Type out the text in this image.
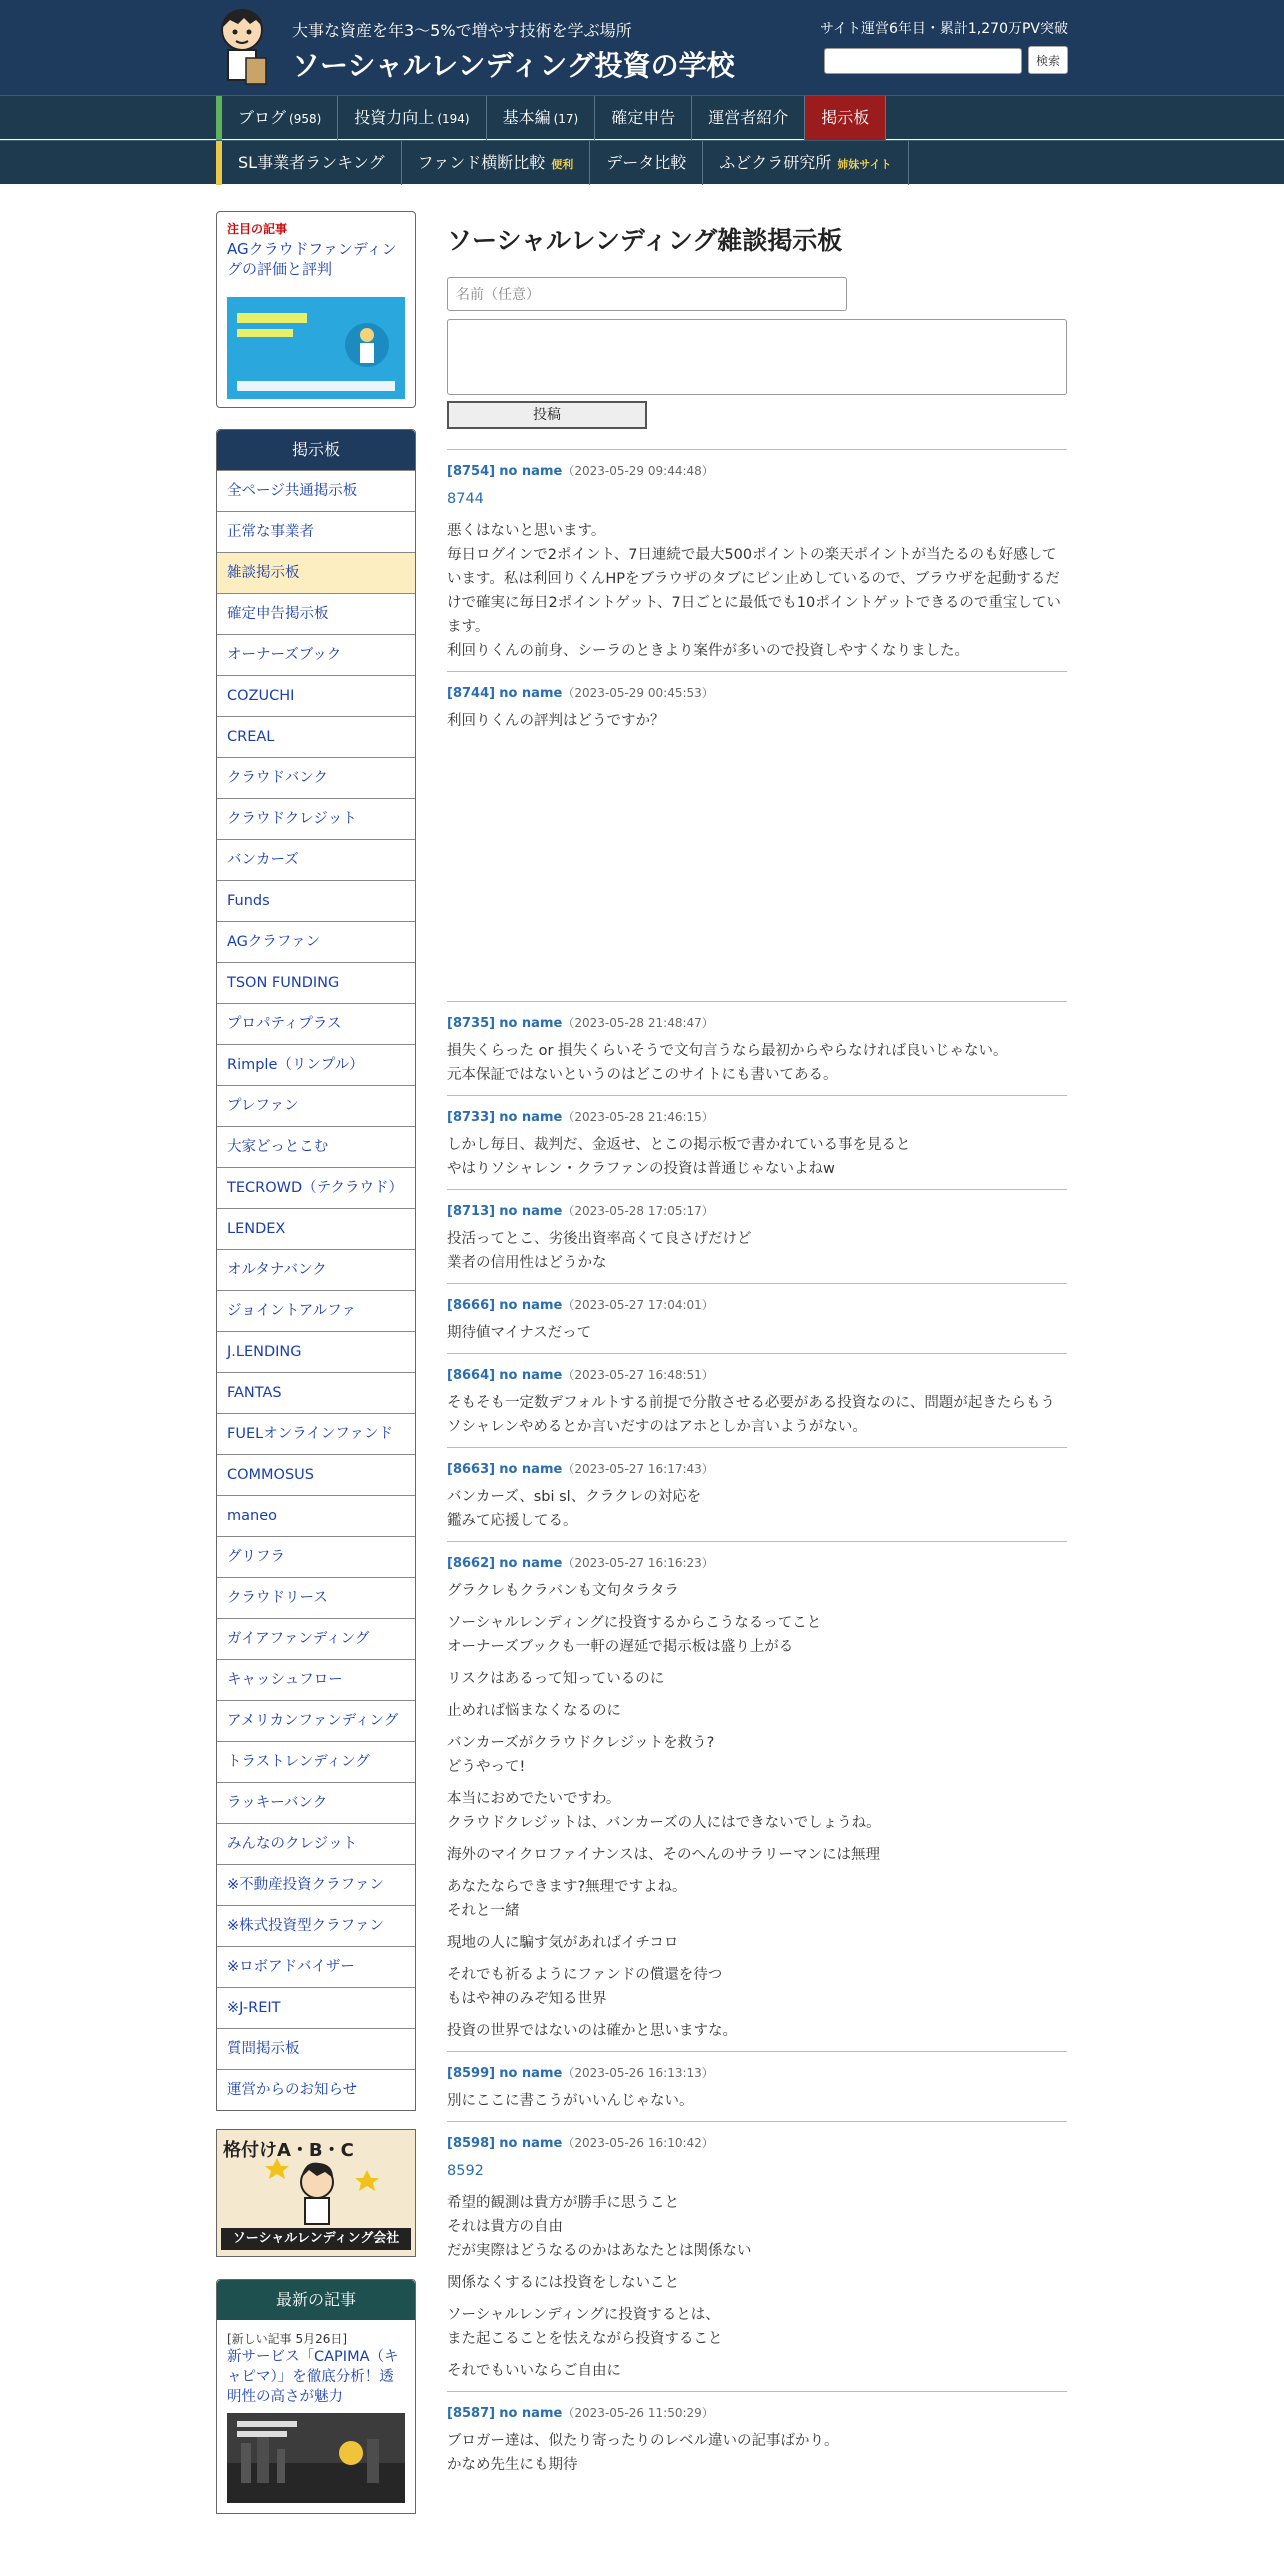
大事な資産を年3～5%で増やす技術を学ぶ場所
ソーシャルレンディング投資の学校
サイト運営6年目・累計1,270万PV突破
検索
ブログ (958)	投資力向上 (194)	基本編 (17)	確定申告	運営者紹介	掲示板
SL事業者ランキング	ファンド横断比較 便利	データ比較	ふどクラ研究所 姉妹サイト
注目の記事
AGクラウドファンディングの評価と評判
掲示板
全ページ共通掲示板
正常な事業者
雑談掲示板
確定申告掲示板
オーナーズブック
COZUCHI
CREAL
クラウドバンク
クラウドクレジット
バンカーズ
Funds
AGクラファン
TSON FUNDING
プロパティプラス
Rimple（リンプル）
プレファン
大家どっとこむ
TECROWD（テクラウド）
LENDEX
オルタナバンク
ジョイントアルファ
J.LENDING
FANTAS
FUELオンラインファンド
COMMOSUS
maneo
グリフラ
クラウドリース
ガイアファンディング
キャッシュフロー
アメリカンファンディング
トラストレンディング
ラッキーバンク
みんなのクレジット
※不動産投資クラファン
※株式投資型クラファン
※ロボアドバイザー
※J-REIT
質問掲示板
運営からのお知らせ
格付けA・B・C
ソーシャルレンディング会社
最新の記事
[新しい記事 5月26日]
新サービス「CAPIMA（キャピマ）」を徹底分析！透明性の高さが魅力
ソーシャルレンディング雑談掲示板
名前（任意）
投稿
[8754] no name（2023-05-29 09:44:48）

8744

悪くはないと思います。
毎日ログインで2ポイント、7日連続で最大500ポイントの楽天ポイントが当たるのも好感しています。私は利回りくんHPをブラウザのタブにピン止めしているので、ブラウザを起動するだけで確実に毎日2ポイントゲット、7日ごとに最低でも10ポイントゲットできるので重宝しています。
利回りくんの前身、シーラのときより案件が多いので投資しやすくなりました。

[8744] no name（2023-05-29 00:45:53）

利回りくんの評判はどうですか？

[8735] no name（2023-05-28 21:48:47）

損失くらった or 損失くらいそうで文句言うなら最初からやらなければ良いじゃない。
元本保証ではないというのはどこのサイトにも書いてある。

[8733] no name（2023-05-28 21:46:15）

しかし毎日、裁判だ、金返せ、とこの掲示板で書かれている事を見ると
やはりソシャレン・クラファンの投資は普通じゃないよねw

[8713] no name（2023-05-28 17:05:17）

投活ってとこ、劣後出資率高くて良さげだけど
業者の信用性はどうかな

[8666] no name（2023-05-27 17:04:01）

期待値マイナスだって

[8664] no name（2023-05-27 16:48:51）

そもそも一定数デフォルトする前提で分散させる必要がある投資なのに、問題が起きたらもうソシャレンやめるとか言いだすのはアホとしか言いようがない。

[8663] no name（2023-05-27 16:17:43）

バンカーズ、sbi sl、クラクレの対応を
鑑みて応援してる。

[8662] no name（2023-05-27 16:16:23）

グラクレもクラバンも文句タラタラ

ソーシャルレンディングに投資するからこうなるってこと
オーナーズブックも一軒の遅延で掲示板は盛り上がる

リスクはあるって知っているのに

止めれば悩まなくなるのに

バンカーズがクラウドクレジットを救う?
どうやって!

本当におめでたいですわ。
クラウドクレジットは、バンカーズの人にはできないでしょうね。

海外のマイクロファイナンスは、そのへんのサラリーマンには無理

あなたならできます?無理ですよね。
それと一緒

現地の人に騙す気があればイチコロ

それでも祈るようにファンドの償還を待つ
もはや神のみぞ知る世界

投資の世界ではないのは確かと思いますな。

[8599] no name（2023-05-26 16:13:13）

別にここに書こうがいいんじゃない。

[8598] no name（2023-05-26 16:10:42）

8592

希望的観測は貴方が勝手に思うこと
それは貴方の自由
だが実際はどうなるのかはあなたとは関係ない

関係なくするには投資をしないこと

ソーシャルレンディングに投資するとは、
また起こることを怯えながら投資すること

それでもいいならご自由に

[8587] no name（2023-05-26 11:50:29）

ブロガー達は、似たり寄ったりのレベル違いの記事ばかり。
かなめ先生にも期待
